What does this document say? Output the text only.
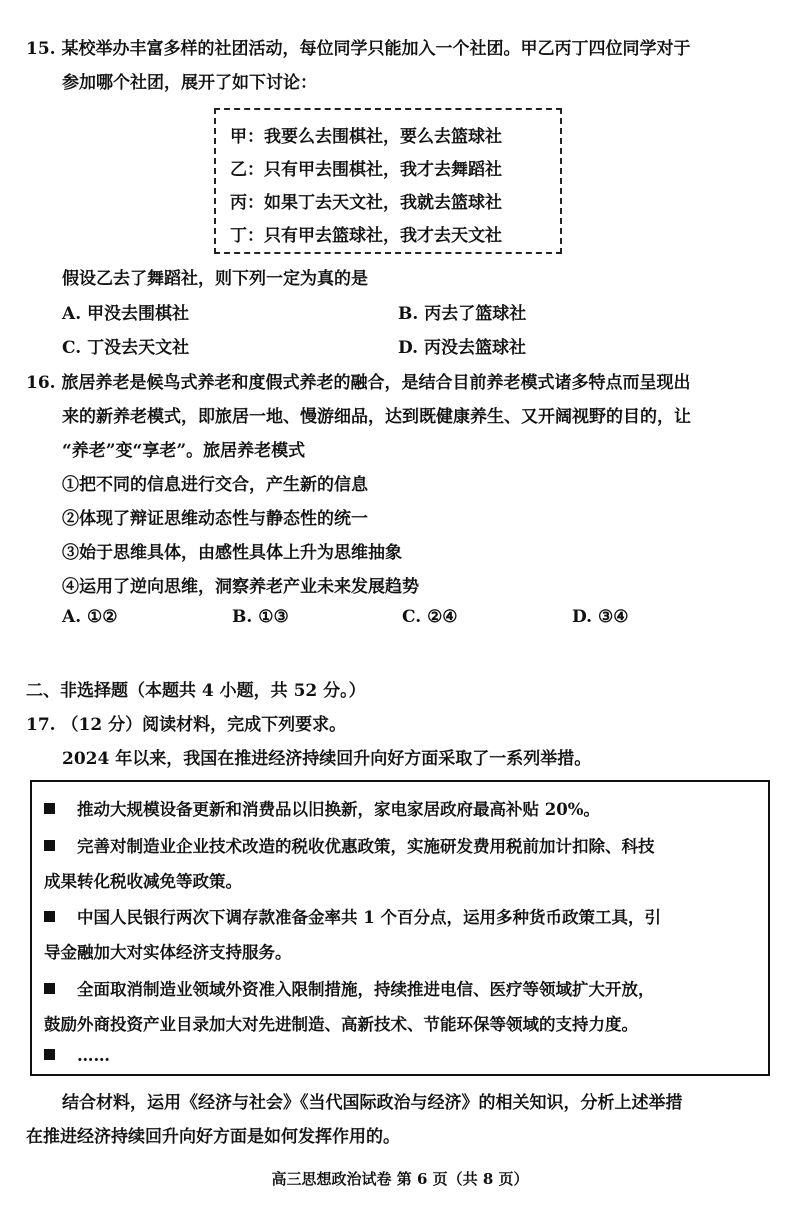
15. 某校举办丰富多样的社团活动，每位同学只能加入一个社团。甲乙丙丁四位同学对于
参加哪个社团，展开了如下讨论：
甲：我要么去围棋社，要么去篮球社
乙：只有甲去围棋社，我才去舞蹈社
丙：如果丁去天文社，我就去篮球社
丁：只有甲去篮球社，我才去天文社
假设乙去了舞蹈社，则下列一定为真的是
A. 甲没去围棋社	B. 丙去了篮球社
C. 丁没去天文社	D. 丙没去篮球社
16. 旅居养老是候鸟式养老和度假式养老的融合，是结合目前养老模式诸多特点而呈现出
来的新养老模式，即旅居一地、慢游细品，达到既健康养生、又开阔视野的目的，让
“养老”变“享老”。旅居养老模式
①把不同的信息进行交合，产生新的信息
②体现了辩证思维动态性与静态性的统一
③始于思维具体，由感性具体上升为思维抽象
④运用了逆向思维，洞察养老产业未来发展趋势
A. ①②	B. ①③	C. ②④	D. ③④
二、非选择题（本题共 4 小题，共 52 分。）
17. （12 分）阅读材料，完成下列要求。
2024 年以来，我国在推进经济持续回升向好方面采取了一系列举措。
推动大规模设备更新和消费品以旧换新，家电家居政府最高补贴 20%。
完善对制造业企业技术改造的税收优惠政策，实施研发费用税前加计扣除、科技
成果转化税收减免等政策。
中国人民银行两次下调存款准备金率共 1 个百分点，运用多种货币政策工具，引
导金融加大对实体经济支持服务。
全面取消制造业领域外资准入限制措施，持续推进电信、医疗等领域扩大开放，
鼓励外商投资产业目录加大对先进制造、高新技术、节能环保等领域的支持力度。
……
结合材料，运用《经济与社会》《当代国际政治与经济》的相关知识，分析上述举措
在推进经济持续回升向好方面是如何发挥作用的。
高三思想政治试卷 第 6 页（共 8 页）
